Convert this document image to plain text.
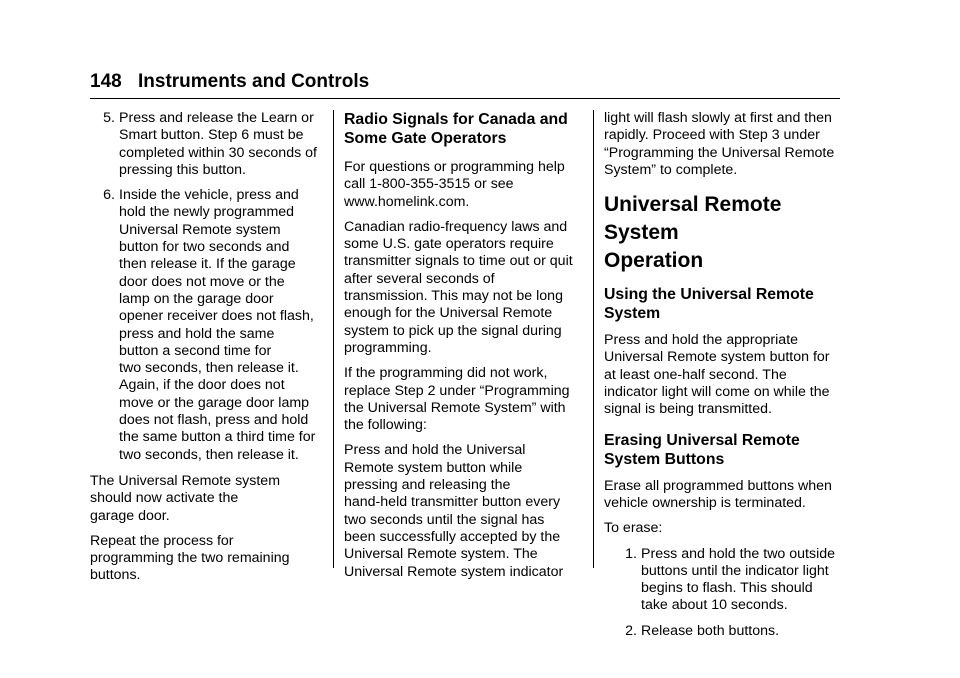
148 Instruments and Controls
5. Press and release the Learn or
Smart button. Step 6 must be
completed within 30 seconds of
pressing this button.
6. Inside the vehicle, press and
hold the newly programmed
Universal Remote system
button for two seconds and
then release it. If the garage
door does not move or the
lamp on the garage door
opener receiver does not flash,
press and hold the same
button a second time for
two seconds, then release it.
Again, if the door does not
move or the garage door lamp
does not flash, press and hold
the same button a third time for
two seconds, then release it.

The Universal Remote system
should now activate the
garage door.

Repeat the process for
programming the two remaining
buttons.

Radio Signals for Canada and
Some Gate Operators

For questions or programming help
call 1-800-355-3515 or see
www.homelink.com.

Canadian radio-frequency laws and
some U.S. gate operators require
transmitter signals to time out or quit
after several seconds of
transmission. This may not be long
enough for the Universal Remote
system to pick up the signal during
programming.

If the programming did not work,
replace Step 2 under “Programming
the Universal Remote System” with
the following:

Press and hold the Universal
Remote system button while
pressing and releasing the
hand-held transmitter button every
two seconds until the signal has
been successfully accepted by the
Universal Remote system. The
Universal Remote system indicator

light will flash slowly at first and then
rapidly. Proceed with Step 3 under
“Programming the Universal Remote
System” to complete.

Universal Remote System
Operation
Using the Universal Remote
System

Press and hold the appropriate
Universal Remote system button for
at least one-half second. The
indicator light will come on while the
signal is being transmitted.

Erasing Universal Remote
System Buttons

Erase all programmed buttons when
vehicle ownership is terminated.

To erase:

1. Press and hold the two outside
buttons until the indicator light
begins to flash. This should
take about 10 seconds.
2. Release both buttons.
